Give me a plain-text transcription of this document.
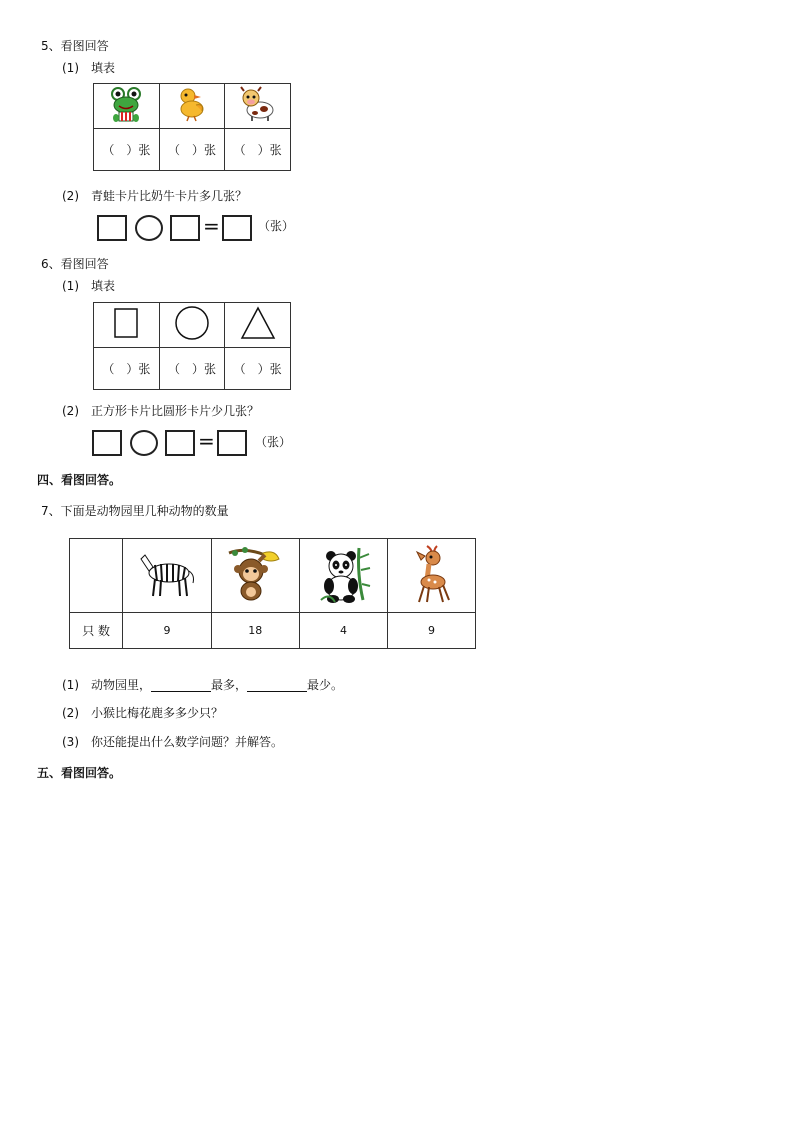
5、看图回答
(1)　填表

（　）张	（　）张	（　）张
(2)　青蛙卡片比奶牛卡片多几张？
=	（张）
6、看图回答
(1)　填表

（　）张	（　）张	（　）张
(2)　正方形卡片比圆形卡片少几张？
=	（张）
四、看图回答。
7、下面是动物园里几种动物的数量

只 数	9	18	4	9
(1)　动物园里，	最多，	最少。
(2)　小猴比梅花鹿多多少只？
(3)　你还能提出什么数学问题？并解答。
五、看图回答。
